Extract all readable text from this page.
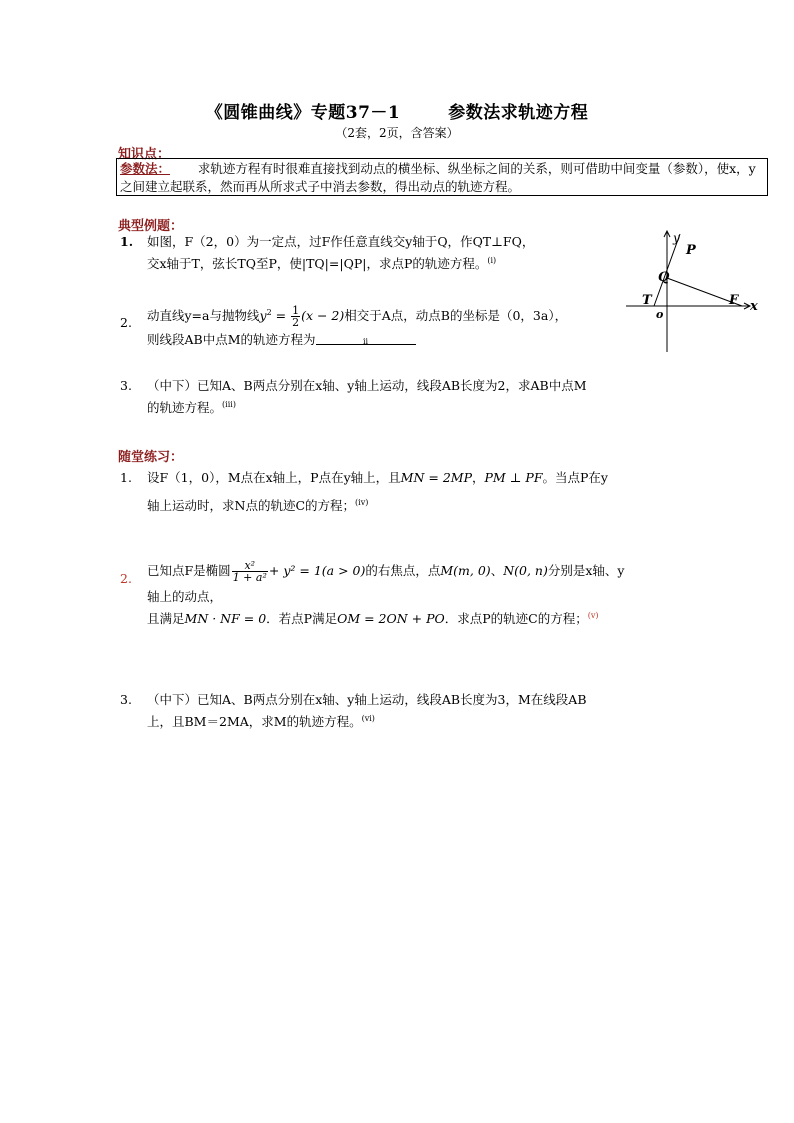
《圆锥曲线》专题37－1	参数法求轨迹方程
（2套，2页，含答案）
知识点：
参数法： 求轨迹方程有时很难直接找到动点的横坐标、纵坐标之间的关系，则可借助中间变量（参数），使x，y之间建立起联系，然而再从所求式子中消去参数，得出动点的轨迹方程。
典型例题：
1. 如图，F（2，0）为一定点，过F作任意直线交y轴于Q，作QT⊥FQ，
交x轴于T，弦长TQ至P，使|TQ|=|QP|，求点P的轨迹方程。$^{(i)}$
y
P
Q
T	F x
o
2. 动直线y=a与抛物线$y^2 = \frac{1}{2} (x - 2)$相交于A点，动点B的坐标是（0，3a），
则线段AB中点M的轨迹方程为	ii
3. （中下）已知A、B两点分别在x轴、y轴上运动，线段AB长度为2，求AB中点M
的轨迹方程。$^{(iii)}$
随堂练习：
1. 设F（1，0），M点在x轴上，P点在y轴上，且MN = 2MP，PM ⊥ PF。当点P在y
轴上运动时，求N点的轨迹C的方程；$^{(iv)}$
2.
已知点F是椭圆 $\frac{\text{x²}}{\text{1 + a²}} + y^2 = 1(a > 0)$的右焦点，点M(m, 0)、N(0, n)分别是x轴、y
轴上的动点，
且满足MN · NF = 0．若点P满足OM = 2ON + PO．求点P的轨迹C的方程；$^{(v)}$
3. （中下）已知A、B两点分别在x轴、y轴上运动，线段AB长度为3，M在线段AB
上，且BM＝2MA，求M的轨迹方程。$^{(vi)}$
